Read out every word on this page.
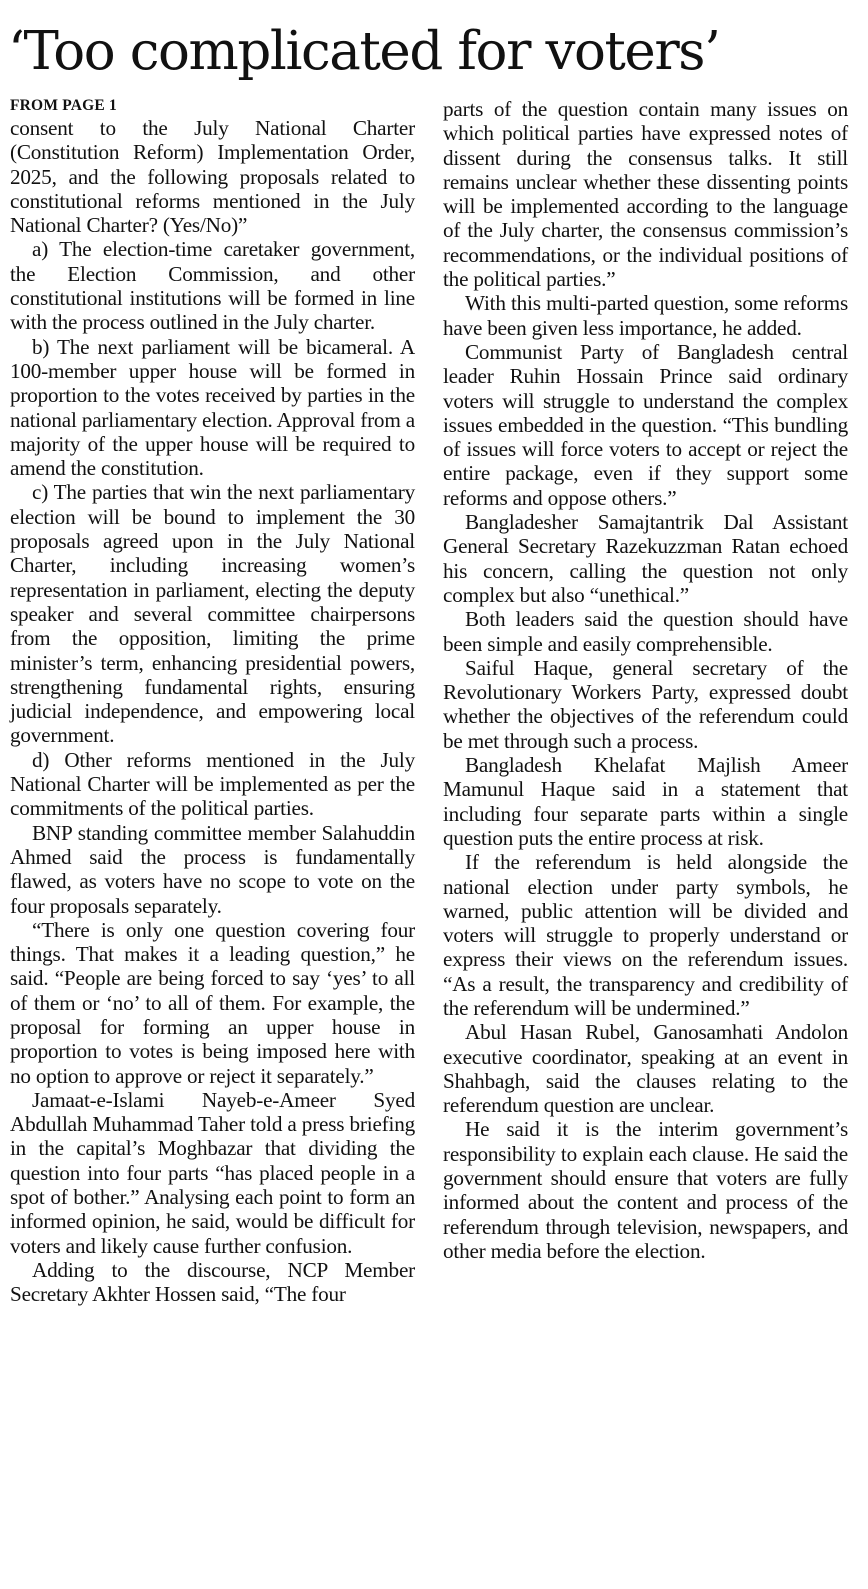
‘Too complicated for voters’
FROM PAGE 1

consent to the July National Charter (Constitution Reform) Implementation Order, 2025, and the following proposals related to constitutional reforms mentioned in the July National Charter? (Yes/No)”

a) The election-time caretaker government, the Election Commission, and other constitutional institutions will be formed in line with the process outlined in the July charter.

b) The next parliament will be bicameral. A 100-member upper house will be formed in proportion to the votes received by parties in the national parliamentary election. Approval from a majority of the upper house will be required to amend the constitution.

c) The parties that win the next parliamentary election will be bound to implement the 30 proposals agreed upon in the July National Charter, including increasing women’s representation in parliament, electing the deputy speaker and several committee chairpersons from the opposition, limiting the prime minister’s term, enhancing presidential powers, strengthening fundamental rights, ensuring judicial independence, and empowering local government.

d) Other reforms mentioned in the July National Charter will be implemented as per the commitments of the political parties.

BNP standing committee member Salahuddin Ahmed said the process is fundamentally flawed, as voters have no scope to vote on the four proposals separately.

“There is only one question covering four things. That makes it a leading question,” he said. “People are being forced to say ‘yes’ to all of them or ‘no’ to all of them. For example, the proposal for forming an upper house in proportion to votes is being imposed here with no option to approve or reject it separately.”

Jamaat-e-Islami Nayeb-e-Ameer Syed Abdullah Muhammad Taher told a press briefing in the capital’s Moghbazar that dividing the question into four parts “has placed people in a spot of bother.” Analysing each point to form an informed opinion, he said, would be difficult for voters and likely cause further confusion.

Adding to the discourse, NCP Member Secretary Akhter Hossen said, “The four

parts of the question contain many issues on which political parties have expressed notes of dissent during the consensus talks. It still remains unclear whether these dissenting points will be implemented according to the language of the July charter, the consensus commission’s recommendations, or the individual positions of the political parties.”

With this multi-parted question, some reforms have been given less importance, he added.

Communist Party of Bangladesh central leader Ruhin Hossain Prince said ordinary voters will struggle to understand the complex issues embedded in the question. “This bundling of issues will force voters to accept or reject the entire package, even if they support some reforms and oppose others.”

Bangladesher Samajtantrik Dal Assistant General Secretary Razekuzzman Ratan echoed his concern, calling the question not only complex but also “unethical.”

Both leaders said the question should have been simple and easily comprehensible.

Saiful Haque, general secretary of the Revolutionary Workers Party, expressed doubt whether the objectives of the referendum could be met through such a process.

Bangladesh Khelafat Majlish Ameer Mamunul Haque said in a statement that including four separate parts within a single question puts the entire process at risk.

If the referendum is held alongside the national election under party symbols, he warned, public attention will be divided and voters will struggle to properly understand or express their views on the referendum issues. “As a result, the transparency and credibility of the referendum will be undermined.”

Abul Hasan Rubel, Ganosamhati Andolon executive coordinator, speaking at an event in Shahbagh, said the clauses relating to the referendum question are unclear.

He said it is the interim government’s responsibility to explain each clause. He said the government should ensure that voters are fully informed about the content and process of the referendum through television, newspapers, and other media before the election.
